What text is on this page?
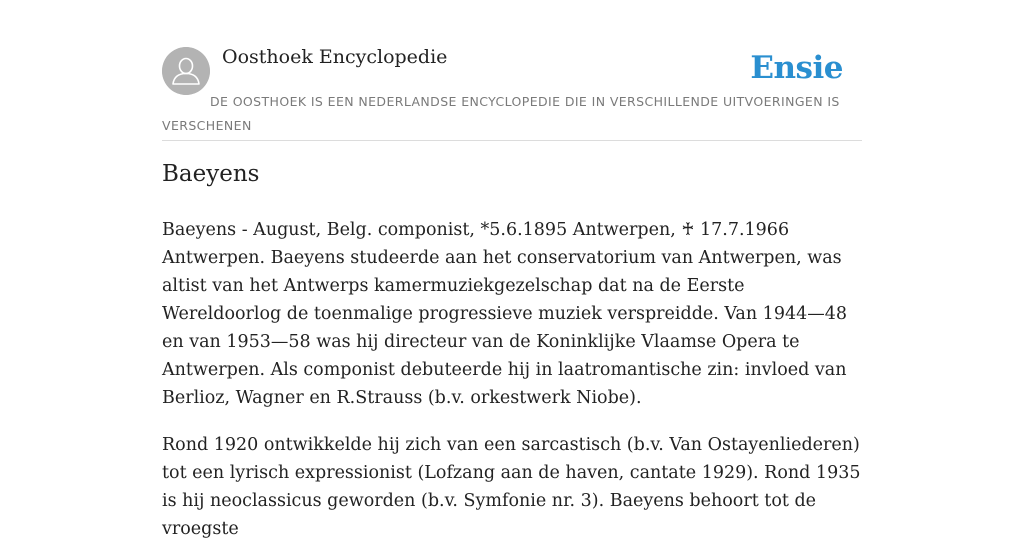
Oosthoek Encyclopedie	Ensie
DE OOSTHOEK IS EEN NEDERLANDSE ENCYCLOPEDIE DIE IN VERSCHILLENDE UITVOERINGEN IS VERSCHENEN
Baeyens

Baeyens - August, Belg. componist, *5.6.1895 Antwerpen, ♰ 17.7.1966 Antwerpen. Baeyens studeerde aan het conservatorium van Antwerpen, was altist van het Antwerps kamermuziekgezelschap dat na de Eerste Wereldoorlog de toenmalige progressieve muziek verspreidde. Van 1944—48 en van 1953—58 was hij directeur van de Koninklijke Vlaamse Opera te Antwerpen. Als componist debuteerde hij in laatromantische zin: invloed van Berlioz, Wagner en R.Strauss (b.v. orkestwerk Niobe).

Rond 1920 ontwikkelde hij zich van een sarcastisch (b.v. Van Ostayenliederen) tot een lyrisch expressionist (Lofzang aan de haven, cantate 1929). Rond 1935 is hij neoclassicus geworden (b.v. Symfonie nr. 3). Baeyens behoort tot de vroegste
